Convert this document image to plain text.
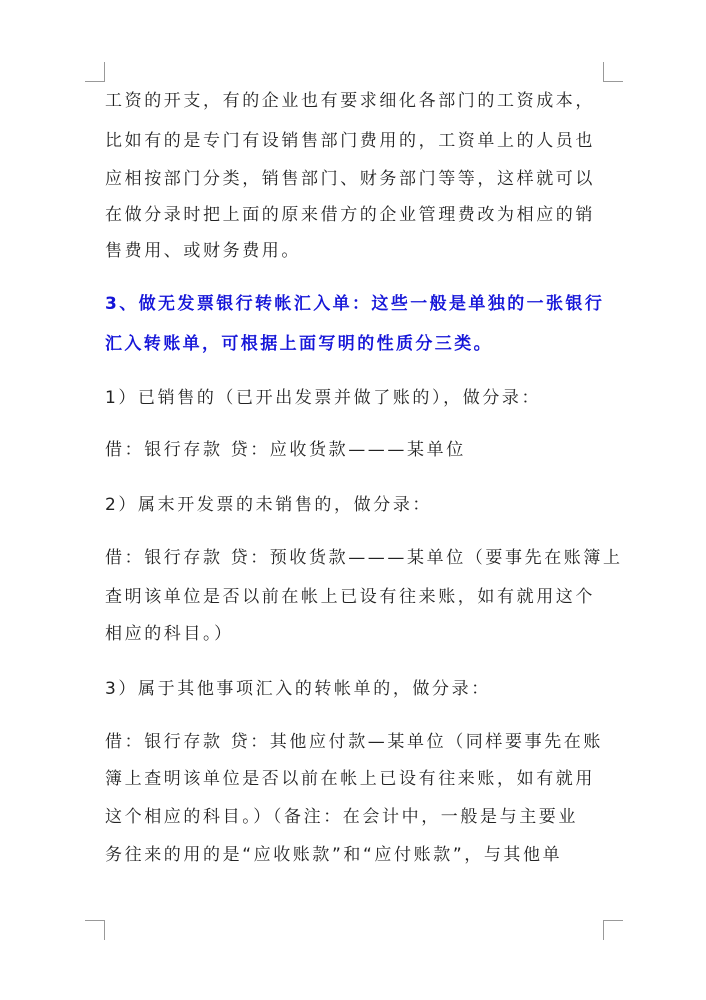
工资的开支，有的企业也有要求细化各部门的工资成本，
比如有的是专门有设销售部门费用的，工资单上的人员也
应相按部门分类，销售部门、财务部门等等，这样就可以
在做分录时把上面的原来借方的企业管理费改为相应的销
售费用、或财务费用。
3、做无发票银行转帐汇入单：这些一般是单独的一张银行
汇入转账单，可根据上面写明的性质分三类。
1）已销售的（已开出发票并做了账的），做分录：
借：银行存款 贷：应收货款———某单位
2）属末开发票的未销售的，做分录：
借：银行存款 贷：预收货款———某单位（要事先在账簿上
查明该单位是否以前在帐上已设有往来账，如有就用这个
相应的科目。）
3）属于其他事项汇入的转帐单的，做分录：
借：银行存款 贷：其他应付款—某单位（同样要事先在账
簿上查明该单位是否以前在帐上已设有往来账，如有就用
这个相应的科目。）（备注：在会计中，一般是与主要业
务往来的用的是“应收账款”和“应付账款”，与其他单
